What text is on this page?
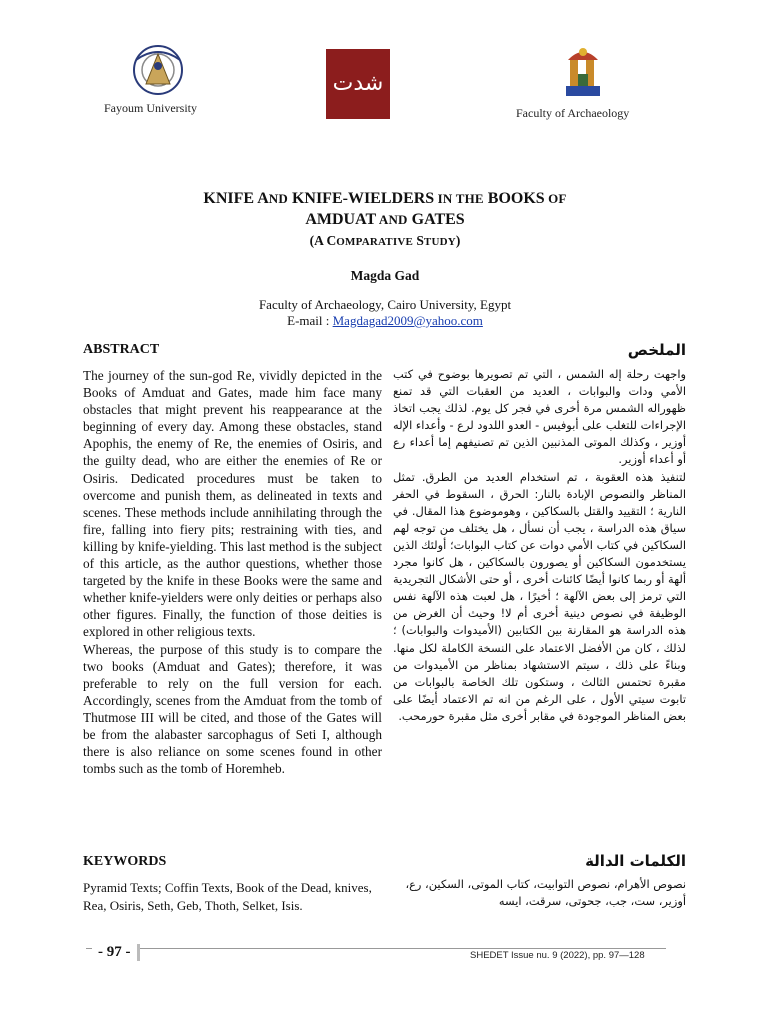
Fayoum University
شدت
Faculty of Archaeology
KNIFE AND KNIFE-WIELDERS IN THE BOOKS OF
AMDUAT AND GATES
(A COMPARATIVE STUDY)
Magda Gad
Faculty of Archaeology, Cairo University, Egypt
E-mail : Magdagad2009@yahoo.com
ABSTRACT	الملخص

The journey of the sun-god Re, vividly depicted in the Books of Amduat and Gates, made him face many obstacles that might prevent his reappearance at the beginning of every day. Among these obstacles, stand Apophis, the enemy of Re, the enemies of Osiris, and the guilty dead, who are either the enemies of Re or Osiris. Dedicated procedures must be taken to overcome and punish them, as delineated in texts and scenes. These methods include annihilating through the fire, falling into fiery pits; restraining with ties, and killing by knife-yielding. This last method is the subject of this article, as the author questions, whether those targeted by the knife in these Books were the same and whether knife-yielders were only deities or perhaps also other figures. Finally, the function of those deities is explored in other religious texts.

Whereas, the purpose of this study is to compare the two books (Amduat and Gates); therefore, it was preferable to rely on the full version for each. Accordingly, scenes from the Amduat from the tomb of Thutmose III will be cited, and those of the Gates will be from the alabaster sarcophagus of Seti I, although there is also reliance on some scenes found in other tombs such as the tomb of Horemheb.

واجهت رحلة إله الشمس ، التي تم تصويرها بوضوح في كتب الأمي ودات والبوابات ، العديد من العقبات التي قد تمنع ظهوراله الشمس مرة أخرى في فجر كل يوم. لذلك يجب اتخاذ الإجراءات للتغلب على أبوفيس - العدو اللدود لرع - وأعداء الإله أوزير ، وكذلك الموتى المذنبين الذين تم تصنيفهم إما أعداء رع أو أعداء أوزير.

لتنفيذ هذه العقوبة ، تم استخدام العديد من الطرق. تمثل المناظر والنصوص الإبادة بالنار: الحرق ، السقوط في الحفر النارية ؛ التقييد والقتل بالسكاكين ، وهوموضوع هذا المقال. في سياق هذه الدراسة ، يجب أن نسأل ، هل يختلف من توجه لهم السكاكين في كتاب الأمي دوات عن كتاب البوابات؛ أولئك الذين يستخدمون السكاكين أو يصورون بالسكاكين ، هل كانوا مجرد ألهة أو ربما كانوا أيضًا كائنات أخرى ، أو حتى الأشكال التجريدية التي ترمز إلى بعض الآلهة ؛ أخيرًا ، هل لعبت هذه الآلهة نفس الوظيفة في نصوص دينية أخرى أم لا! وحيث أن الغرض من هذه الدراسة هو المقارنة بين الكتابين (الأميدوات والبوابات) ؛ لذلك ، كان من الأفضل الاعتماد على النسخة الكاملة لكل منها. وبناءً على ذلك ، سيتم الاستشهاد بمناظر من الأميدوات من مقبرة تحتمس الثالث ، وستكون تلك الخاصة بالبوابات من تابوت سيتي الأول ، على الرغم من انه تم الاعتماد أيضًا على بعض المناظر الموجودة في مقابر أخرى مثل مقبرة حورمحب.

KEYWORDS	الكلمات الدالة
Pyramid Texts; Coffin Texts, Book of the Dead, knives, Rea, Osiris, Seth, Geb, Thoth, Selket, Isis.
نصوص الأهرام، نصوص التوابيت، كتاب الموتى، السكين، رع، أوزير، ست، جب، جحوتى، سرقت، ايسه
- 97 -	SHEDET Issue nu. 9 (2022), pp. 97—128
